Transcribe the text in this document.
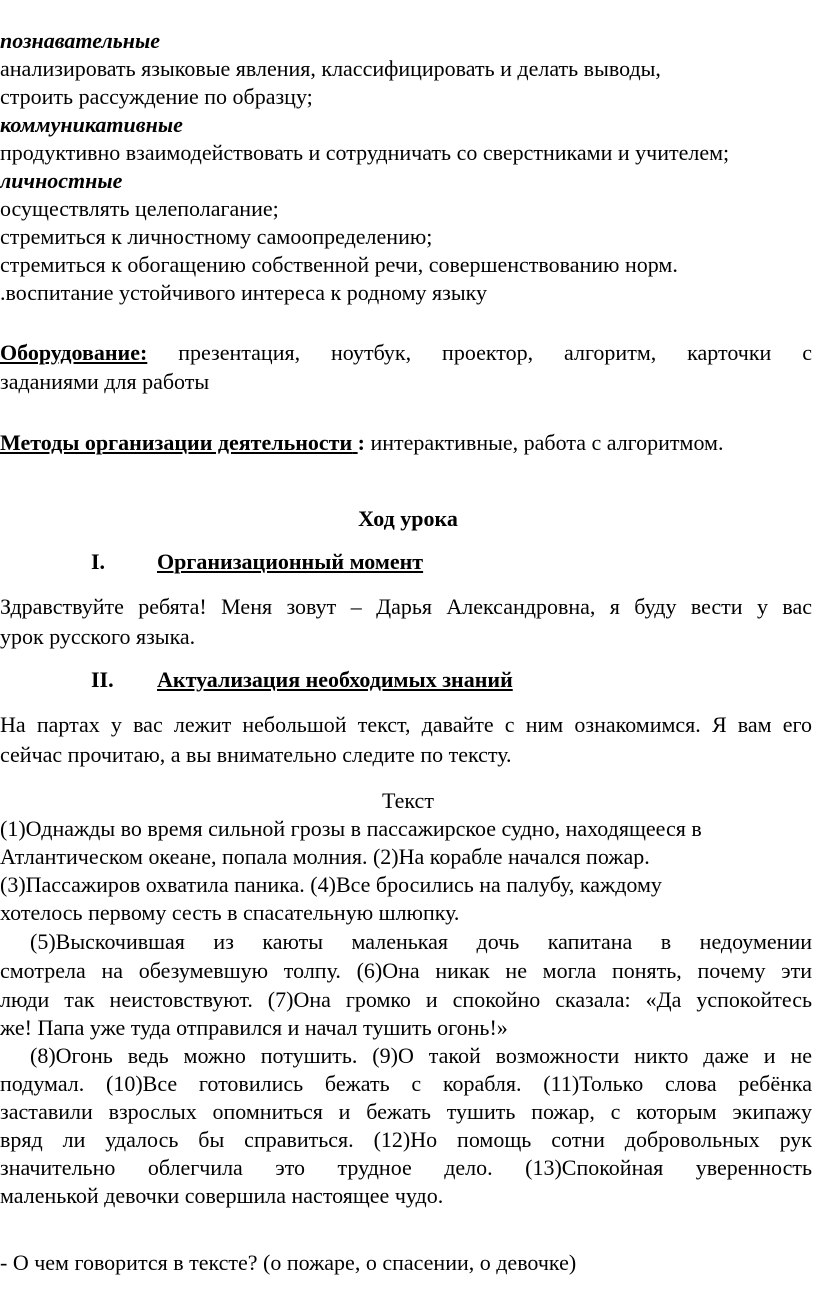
познавательные
анализировать языковые явления, классифицировать и делать выводы,
строить рассуждение по образцу;
коммуникативные
продуктивно взаимодействовать и сотрудничать со сверстниками и учителем;
личностные
осуществлять целеполагание;
стремиться к личностному самоопределению;
стремиться к обогащению собственной речи, совершенствованию норм.
.воспитание устойчивого интереса к родному языку
Оборудование: презентация, ноутбук, проектор, алгоритм, карточки с
заданиями для работы
Методы организации деятельности : интерактивные, работа с алгоритмом.
Ход урока
I. Организационный момент
Здравствуйте ребята! Меня зовут – Дарья Александровна, я буду вести у вас
урок русского языка.
II. Актуализация необходимых знаний
На партах у вас лежит небольшой текст, давайте с ним ознакомимся. Я вам его
сейчас прочитаю, а вы внимательно следите по тексту.
Текст
(1)Однажды во время сильной грозы в пассажирское судно, находящееся в
Атлантическом океане, попала молния. (2)На корабле начался пожар.
(3)Пассажиров охватила паника. (4)Все бросились на палубу, каждому
хотелось первому сесть в спасательную шлюпку.
(5)Выскочившая из каюты маленькая дочь капитана в недоумении
смотрела на обезумевшую толпу. (6)Она никак не могла понять, почему эти
люди так неистовствуют. (7)Она громко и спокойно сказала: «Да успокойтесь
же! Папа уже туда отправился и начал тушить огонь!»
(8)Огонь ведь можно потушить. (9)О такой возможности никто даже и не
подумал. (10)Все готовились бежать с корабля. (11)Только слова ребёнка
заставили взрослых опомниться и бежать тушить пожар, с которым экипажу
вряд ли удалось бы справиться. (12)Но помощь сотни добровольных рук
значительно облегчила это трудное дело. (13)Спокойная уверенность
маленькой девочки совершила настоящее чудо.
- О чем говорится в тексте? (о пожаре, о спасении, о девочке)
